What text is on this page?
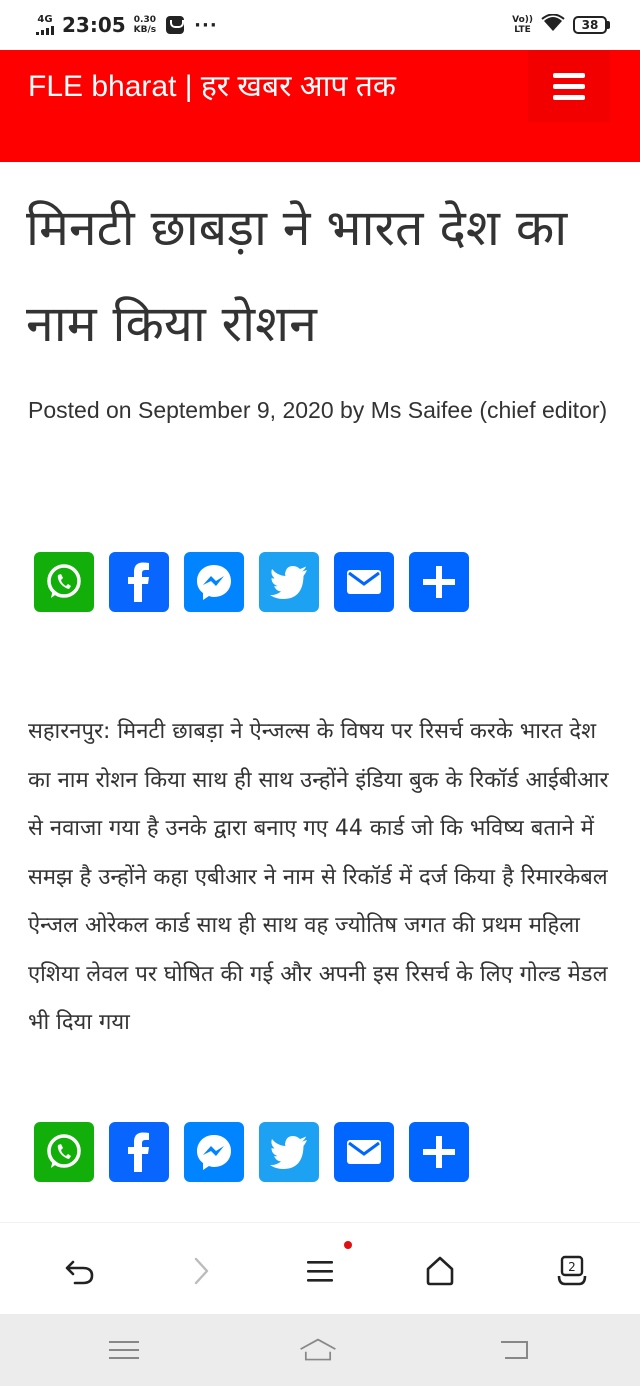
4G 23:05 0.30
KB/s ···	Vo))
LTE	38
FLE bharat | हर खबर आप तक
मिनटी छाबड़ा ने भारत देश का नाम किया रोशन
Posted on September 9, 2020 by Ms Saifee (chief editor)

सहारनपुर: मिनटी छाबड़ा ने ऐन्जल्स के विषय पर रिसर्च करके भारत देश का नाम रोशन किया साथ ही साथ उन्होंने इंडिया बुक के रिकॉर्ड आईबीआर से नवाजा गया है उनके द्वारा बनाए गए 44 कार्ड जो कि भविष्य बताने में समझ है उन्होंने कहा एबीआर ने नाम से रिकॉर्ड में दर्ज किया है रिमारकेबल ऐन्जल ओरेकल कार्ड साथ ही साथ वह ज्योतिष जगत की प्रथम महिला एशिया लेवल पर घोषित की गई और अपनी इस रिसर्च के लिए गोल्ड मेडल भी दिया गया

2
